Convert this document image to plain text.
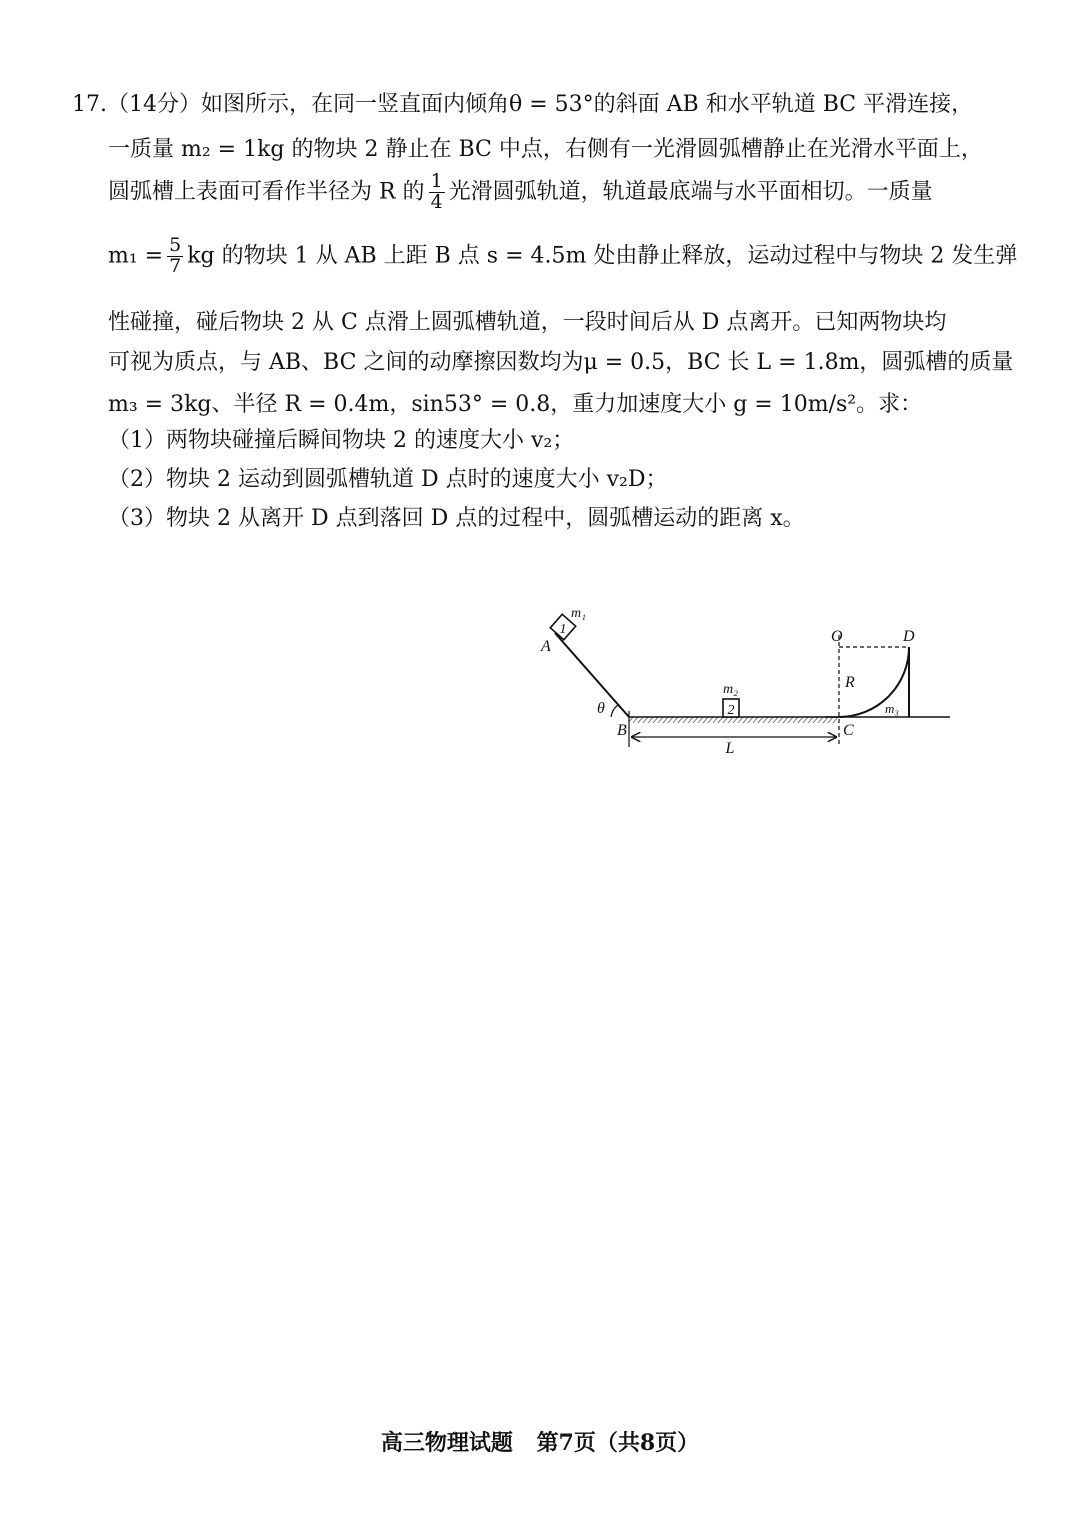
17.（14分）如图所示，在同一竖直面内倾角θ = 53°的斜面 AB 和水平轨道 BC 平滑连接，
一质量 m₂ = 1kg 的物块 2 静止在 BC 中点，右侧有一光滑圆弧槽静止在光滑水平面上，
圆弧槽上表面可看作半径为 R 的 $\frac{1}{4}$ 光滑圆弧轨道，轨道最底端与水平面相切。一质量
$m_1 = \frac{5}{7}$ kg 的物块 1 从 AB 上距 B 点 s = 4.5m 处由静止释放，运动过程中与物块 2 发生弹
性碰撞，碰后物块 2 从 C 点滑上圆弧槽轨道，一段时间后从 D 点离开。已知两物块均
可视为质点，与 AB、BC 之间的动摩擦因数均为μ = 0.5，BC 长 L = 1.8m，圆弧槽的质量
m₃ = 3kg、半径 R = 0.4m，sin53° = 0.8，重力加速度大小 g = 10m/s²。求：
（1）两物块碰撞后瞬间物块 2 的速度大小 v₂；
（2）物块 2 运动到圆弧槽轨道 D 点时的速度大小 v₂D；
（3）物块 2 从离开 D 点到落回 D 点的过程中，圆弧槽运动的距离 x。
1
m₁
A
θ	2
m₂
B	C
L
O	D
R
m₃
高三物理试题 第7页（共8页）
